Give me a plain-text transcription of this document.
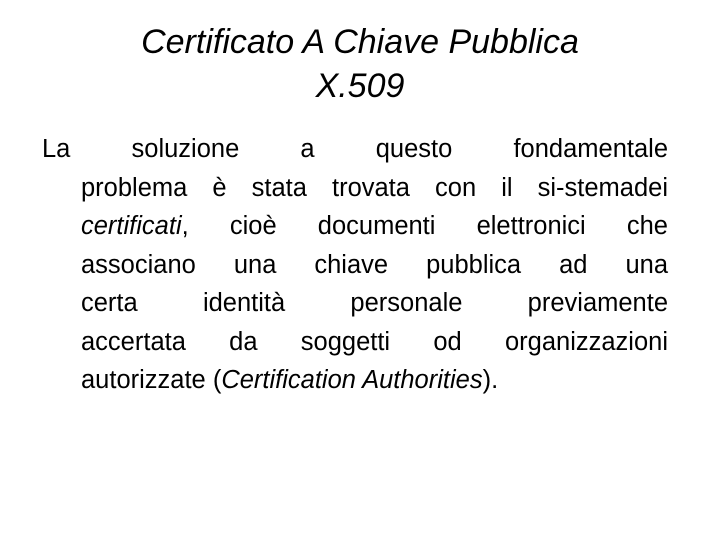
Certificato A Chiave Pubblica
X.509
La soluzione a questo fondamentale
problema è stata trovata con il si-stemadei
certificati, cioè documenti elettronici che
associano una chiave pubblica ad una
certa identità personale previamente
accertata da soggetti od organizzazioni
autorizzate (Certification Authorities).
